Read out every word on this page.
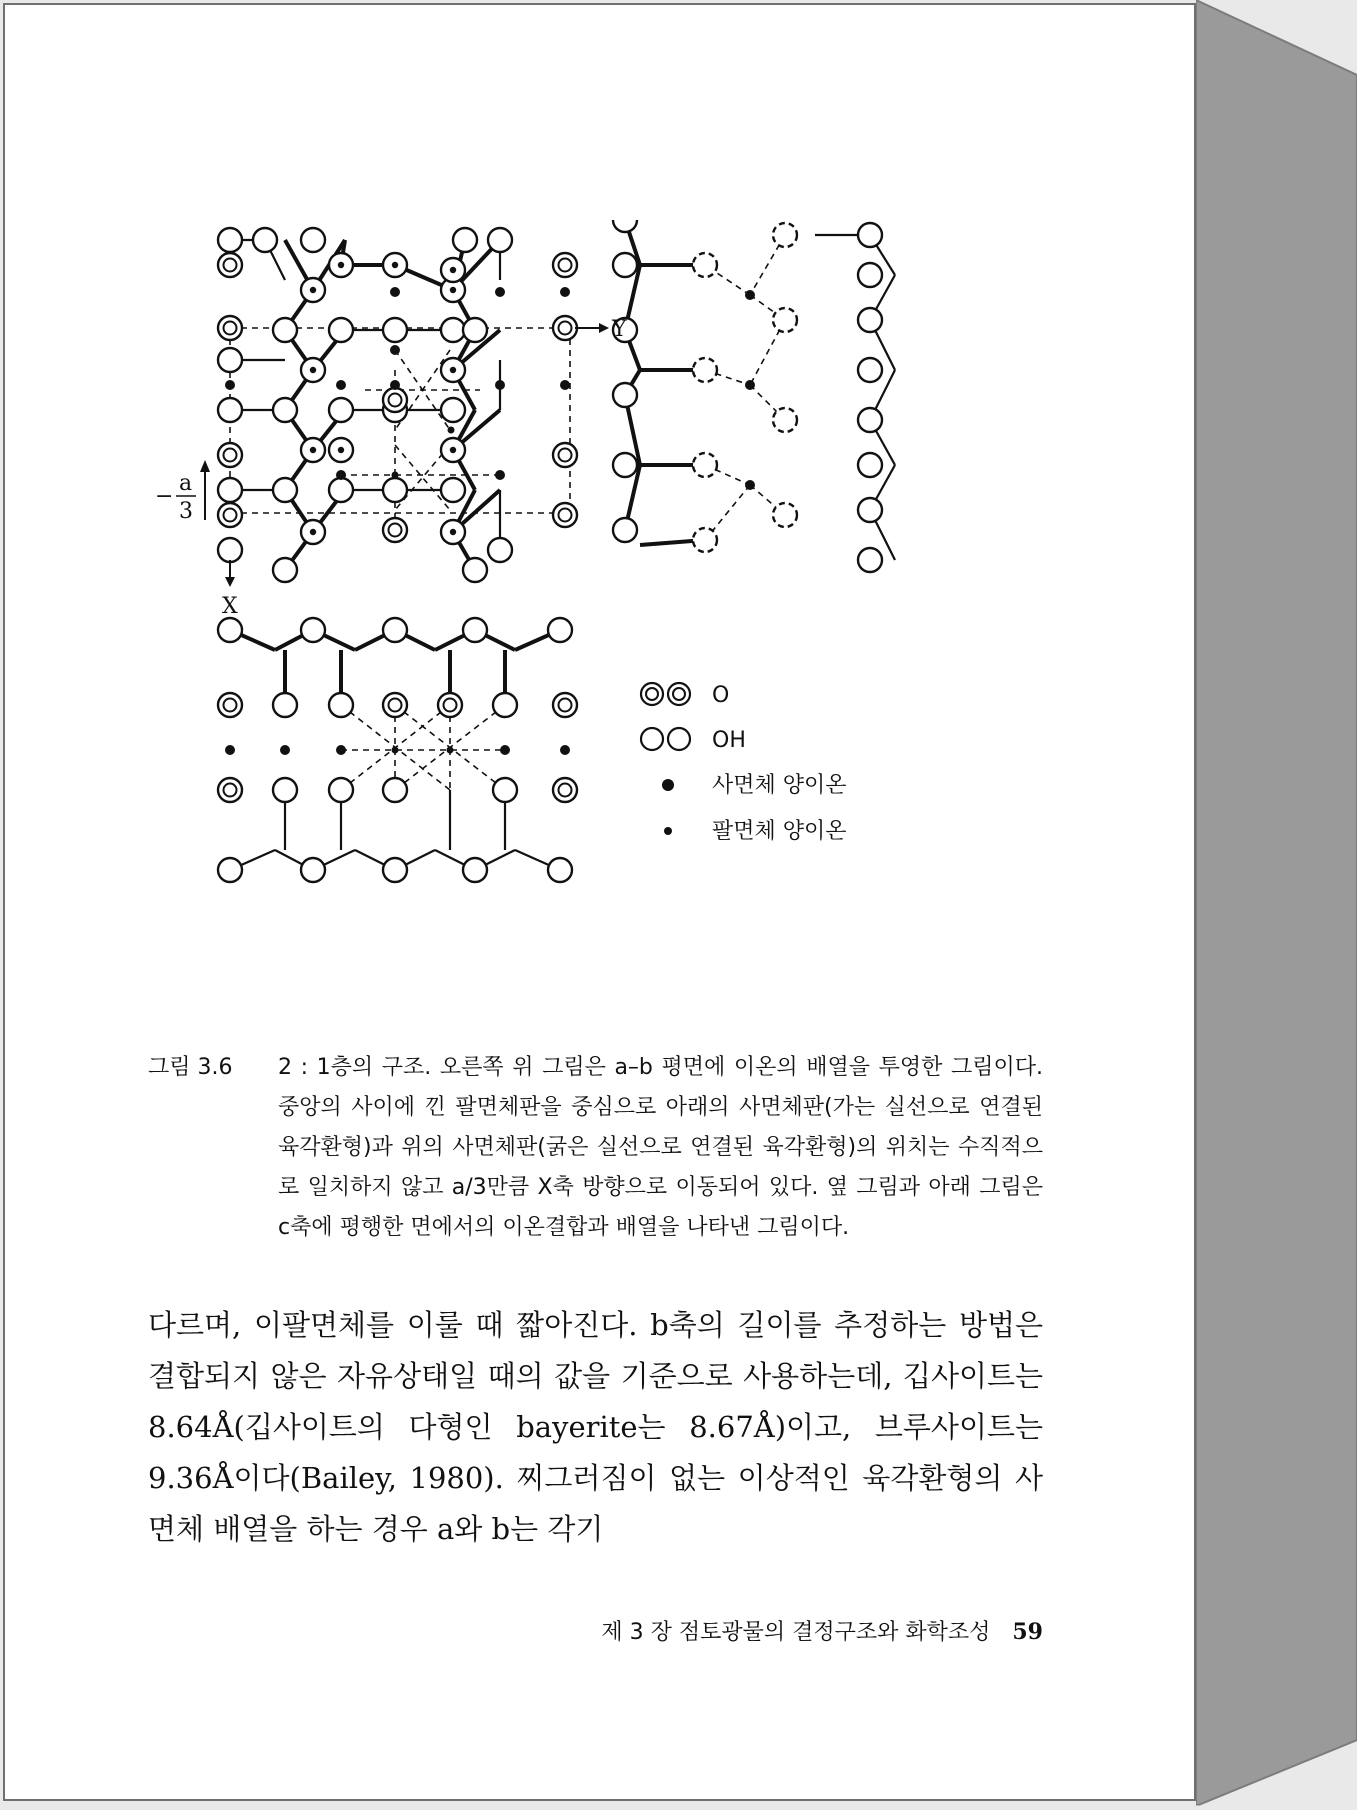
Y
X
−
a
3
O
OH
사면체 양이온
팔면체 양이온
그림 3.6	2 : 1층의 구조. 오른쪽 위 그림은 a–b 평면에 이온의 배열을 투영한 그림이다. 중앙의 사이에 낀 팔면체판을 중심으로 아래의 사면체판(가는 실선으로 연결된 육각환형)과 위의 사면체판(굵은 실선으로 연결된 육각환형)의 위치는 수직적으로 일치하지 않고 a/3만큼 X축 방향으로 이동되어 있다. 옆 그림과 아래 그림은 c축에 평행한 면에서의 이온결합과 배열을 나타낸 그림이다.
다르며, 이팔면체를 이룰 때 짧아진다. b축의 길이를 추정하는 방법은 결합되지 않은 자유상태일 때의 값을 기준으로 사용하는데, 깁사이트는 8.64Å(깁사이트의 다형인 bayerite는 8.67Å)이고, 브루사이트는 9.36Å이다(Bailey, 1980). 찌그러짐이 없는 이상적인 육각환형의 사면체 배열을 하는 경우 a와 b는 각기
제 3 장 점토광물의 결정구조와 화학조성 59
